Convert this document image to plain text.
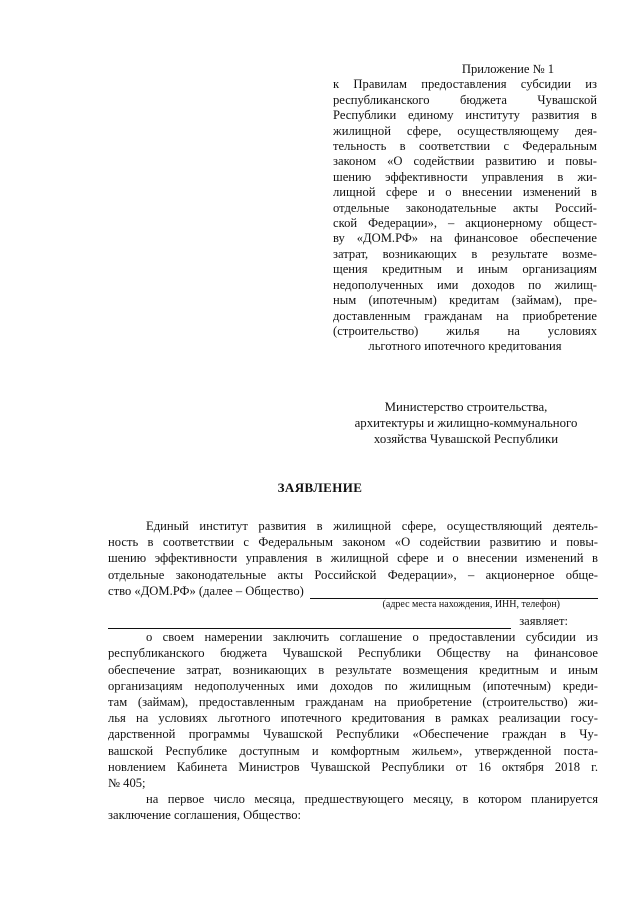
Приложение № 1
к Правилам предоставления субсидии из
республиканского бюджета Чувашской
Республики единому институту развития в
жилищной сфере, осуществляющему дея-
тельность в соответствии с Федеральным
законом «О содействии развитию и повы-
шению эффективности управления в жи-
лищной сфере и о внесении изменений в
отдельные законодательные акты Россий-
ской Федерации», – акционерному общест-
ву «ДОМ.РФ» на финансовое обеспечение
затрат, возникающих в результате возме-
щения кредитным и иным организациям
недополученных ими доходов по жилищ-
ным (ипотечным) кредитам (займам), пре-
доставленным гражданам на приобретение
(строительство) жилья на условиях
льготного ипотечного кредитования
Министерство строительства,
архитектуры и жилищно-коммунального
хозяйства Чувашской Республики
ЗАЯВЛЕНИЕ
Единый институт развития в жилищной сфере, осуществляющий деятель-
ность в соответствии с Федеральным законом «О содействии развитию и повы-
шению эффективности управления в жилищной сфере и о внесении изменений в
отдельные законодательные акты Российской Федерации», – акционерное обще-
ство «ДОМ.РФ» (далее – Общество)
(адрес места нахождения, ИНН, телефон)
заявляет:
о своем намерении заключить соглашение о предоставлении субсидии из
республиканского бюджета Чувашской Республики Обществу на финансовое
обеспечение затрат, возникающих в результате возмещения кредитным и иным
организациям недополученных ими доходов по жилищным (ипотечным) креди-
там (займам), предоставленным гражданам на приобретение (строительство) жи-
лья на условиях льготного ипотечного кредитования в рамках реализации госу-
дарственной программы Чувашской Республики «Обеспечение граждан в Чу-
вашской Республике доступным и комфортным жильем», утвержденной поста-
новлением Кабинета Министров Чувашской Республики от 16 октября 2018 г.
№ 405;
на первое число месяца, предшествующего месяцу, в котором планируется
заключение соглашения, Общество:
